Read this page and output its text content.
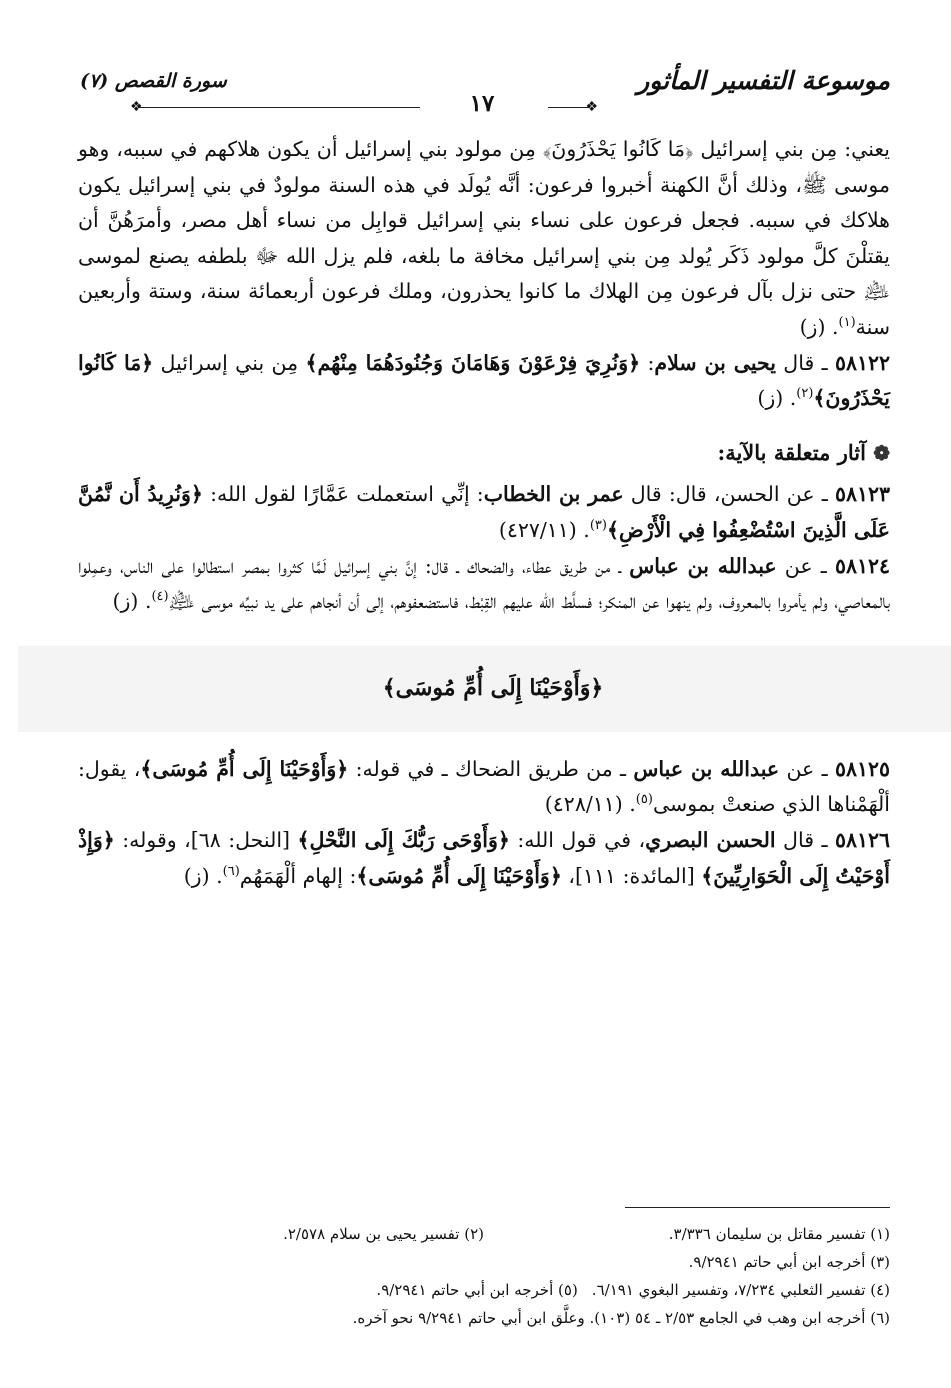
موسوعة التفسير المأثور
سورة القصص (٧)
❖
❖	١٧

يعني: مِن بني إسرائيل ﴿مَا كَانُوا يَحْذَرُونَ﴾ مِن مولود بني إسرائيل أن يكون هلاكهم في سببه، وهو موسى ﷺ، وذلك أنَّ الكهنة أخبروا فرعون: أنَّه يُولَد في هذه السنة مولودٌ في بني إسرائيل يكون هلاكك في سببه. فجعل فرعون على نساء بني إسرائيل قوابِل من نساء أهل مصر، وأمرَهُنَّ أن يقتلْنَ كلَّ مولود ذَكَر يُولد مِن بني إسرائيل مخافة ما بلغه، فلم يزل الله ﷻ بلطفه يصنع لموسى ﵇ حتى نزل بآل فرعون مِن الهلاك ما كانوا يحذرون، وملك فرعون أربعمائة سنة، وستة وأربعين سنة$^{(١)}$. (ز)

٥٨١٢٢ ـ قال يحيى بن سلام: ﴿وَنُرِيَ فِرْعَوْنَ وَهَامَانَ وَجُنُودَهُمَا مِنْهُم﴾ مِن بني إسرائيل ﴿مَا كَانُوا يَحْذَرُونَ﴾$^{(٢)}$. (ز)

❁ آثار متعلقة بالآية:

٥٨١٢٣ ـ عن الحسن، قال: قال عمر بن الخطاب: إنِّي استعملت عَمَّارًا لقول الله: ﴿وَنُرِيدُ أَن نَّمُنَّ عَلَى الَّذِينَ اسْتُضْعِفُوا فِي الْأَرْضِ﴾$^{(٣)}$. (٤٢٧/١١)

٥٨١٢٤ ـ عن عبدالله بن عباس ـ من طريق عطاء، والضحاك ـ قال: إنَّ بني إسرائيل لَمَّا كثروا بمصر استطالوا على الناس، وعمِلوا بالمعاصي، ولم يأمروا بالمعروف، ولم ينهوا عن المنكر؛ فسلَّط الله عليهم القِبْط، فاستضعفوهم، إلى أن أنجاهم على يد نبيِّه موسى ﵇$^{(٤)}$. (ز)

﴿وَأَوْحَيْنَا إِلَى أُمِّ مُوسَى﴾

٥٨١٢٥ ـ عن عبدالله بن عباس ـ من طريق الضحاك ـ في قوله: ﴿وَأَوْحَيْنَا إِلَى أُمِّ مُوسَى﴾، يقول: ألْهَمْناها الذي صنعتْ بموسى$^{(٥)}$. (٤٢٨/١١)

٥٨١٢٦ ـ قال الحسن البصري، في قول الله: ﴿وَأَوْحَى رَبُّكَ إِلَى النَّحْلِ﴾ [النحل: ٦٨]، وقوله: ﴿وَإِذْ أَوْحَيْتُ إِلَى الْحَوَارِيِّينَ﴾ [المائدة: ١١١]، ﴿وَأَوْحَيْنَا إِلَى أُمِّ مُوسَى﴾: إلهام ألْهَمَهُم$^{(٦)}$. (ز)

(١) تفسير مقاتل بن سليمان ٣/٣٣٦.
(٢) تفسير يحيى بن سلام ٢/٥٧٨.
(٣) أخرجه ابن أبي حاتم ٩/٢٩٤١.
(٤) تفسير الثعلبي ٧/٢٣٤، وتفسير البغوي ٦/١٩١.
(٥) أخرجه ابن أبي حاتم ٩/٢٩٤١.
(٦) أخرجه ابن وهب في الجامع ٢/٥٣ ـ ٥٤ (١٠٣). وعلَّق ابن أبي حاتم ٩/٢٩٤١ نحو آخره.
